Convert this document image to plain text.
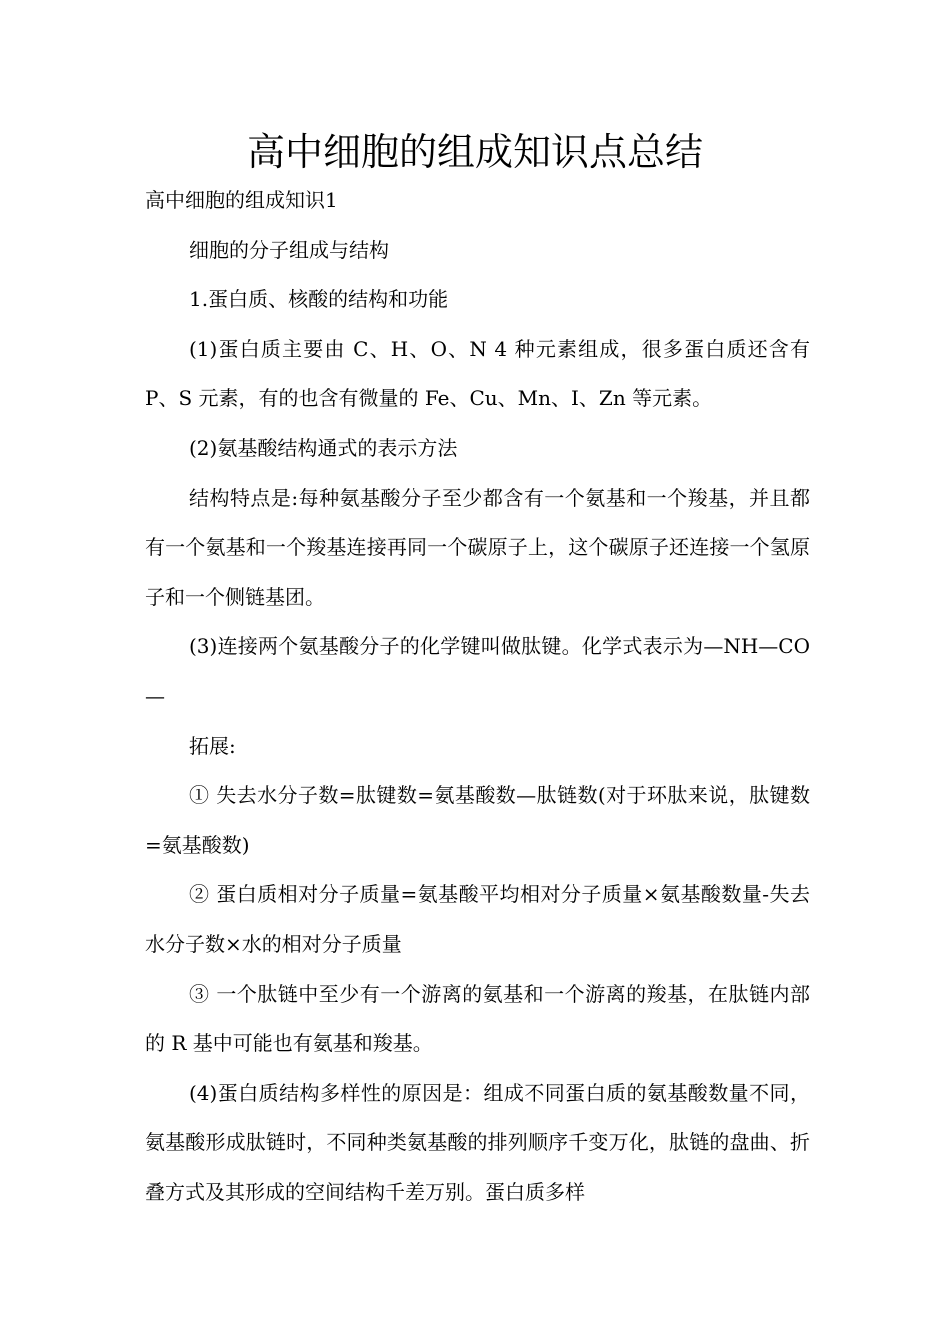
高中细胞的组成知识点总结

高中细胞的组成知识1

细胞的分子组成与结构

1.蛋白质、核酸的结构和功能

(1)蛋白质主要由 C、H、O、N 4 种元素组成，很多蛋白质还含有 P、S 元素，有的也含有微量的 Fe、Cu、Mn、I、Zn 等元素。

(2)氨基酸结构通式的表示方法

结构特点是:每种氨基酸分子至少都含有一个氨基和一个羧基，并且都有一个氨基和一个羧基连接再同一个碳原子上，这个碳原子还连接一个氢原子和一个侧链基团。

(3)连接两个氨基酸分子的化学键叫做肽键。化学式表示为—NH—CO—

拓展:

① 失去水分子数=肽键数=氨基酸数—肽链数(对于环肽来说，肽键数=氨基酸数)

② 蛋白质相对分子质量=氨基酸平均相对分子质量×氨基酸数量-失去水分子数×水的相对分子质量

③ 一个肽链中至少有一个游离的氨基和一个游离的羧基，在肽链内部的 R 基中可能也有氨基和羧基。

(4)蛋白质结构多样性的原因是：组成不同蛋白质的氨基酸数量不同，氨基酸形成肽链时，不同种类氨基酸的排列顺序千变万化，肽链的盘曲、折叠方式及其形成的空间结构千差万别。蛋白质多样
